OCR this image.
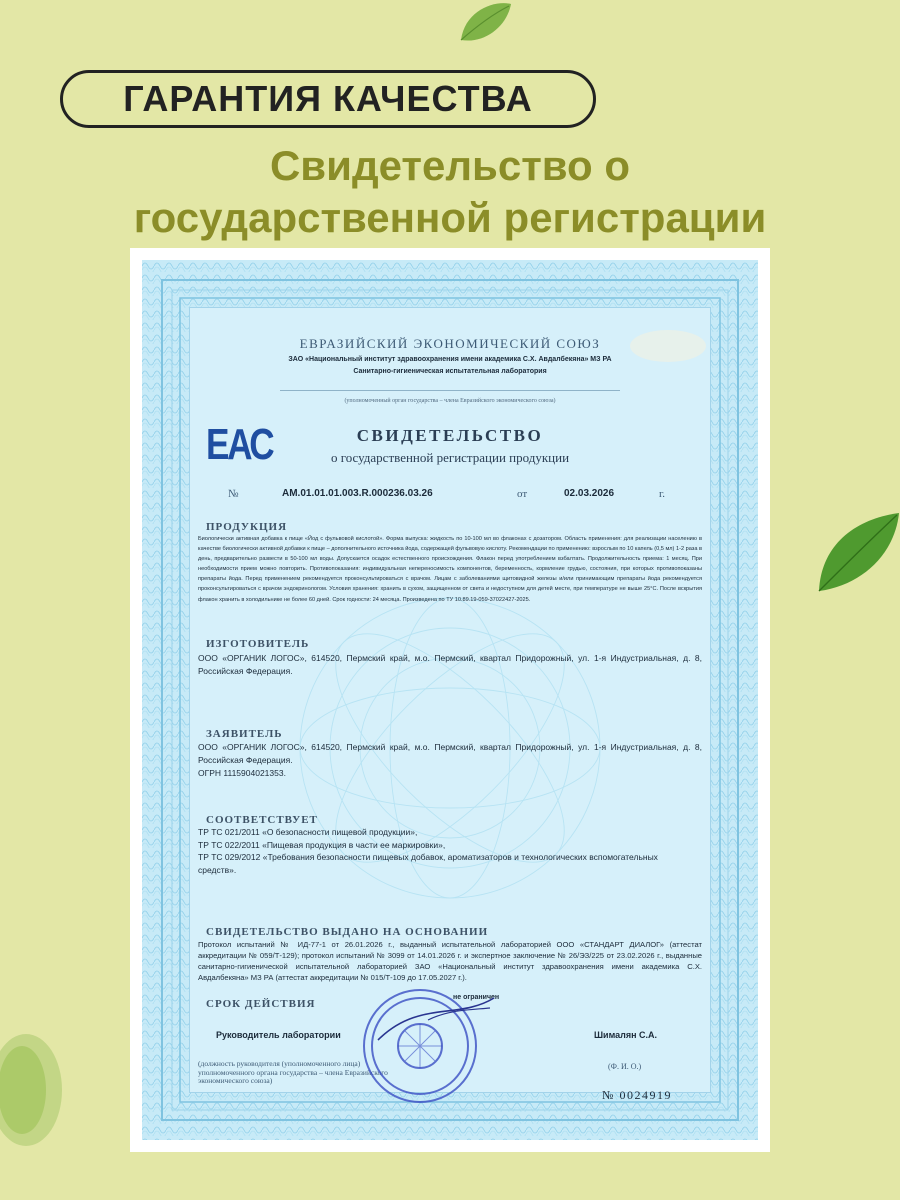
ГАРАНТИЯ КАЧЕСТВА
Свидетельство о
государственной регистрации
ЕВРАЗИЙСКИЙ ЭКОНОМИЧЕСКИЙ СОЮЗ
ЗАО «Национальный институт здравоохранения имени академика С.Х. Авдалбекяна» МЗ РА
Санитарно-гигиеническая испытательная лаборатория
(уполномоченный орган государства – члена Евразийского экономического союза)
ЕАС	СВИДЕТЕЛЬСТВО
о государственной регистрации продукции
№	AM.01.01.01.003.R.000236.03.26	от	02.03.2026	г.
ПРОДУКЦИЯ
Биологически активная добавка к пище «Йод с фульвовой кислотой». Форма выпуска: жидкость по 10-100 мл во флаконах с дозатором. Область применения: для реализации населению в качестве биологически активной добавки к пище – дополнительного источника йода, содержащей фульвовую кислоту. Рекомендации по применению: взрослым по 10 капель (0,5 мл) 1-2 раза в день, предварительно развести в 50-100 мл воды. Допускается осадок естественного происхождения. Флакон перед употреблением взбалтать. Продолжительность приема: 1 месяц. При необходимости прием можно повторить. Противопоказания: индивидуальная непереносимость компонентов, беременность, кормление грудью, состояния, при которых противопоказаны препараты йода. Перед применением рекомендуется проконсультироваться с врачом. Лицам с заболеваниями щитовидной железы и/или принимающим препараты йода рекомендуется проконсультироваться с врачом эндокринологом. Условия хранения: хранить в сухом, защищенном от света и недоступном для детей месте, при температуре не выше 25°С. После вскрытия флакон хранить в холодильнике не более 60 дней. Срок годности: 24 месяца. Произведена по ТУ 10.89.19-059-37022427-2025.
ИЗГОТОВИТЕЛЬ
ООО «ОРГАНИК ЛОГОС», 614520, Пермский край, м.о. Пермский, квартал Придорожный, ул. 1-я Индустриальная, д. 8, Российская Федерация.
ЗАЯВИТЕЛЬ
ООО «ОРГАНИК ЛОГОС», 614520, Пермский край, м.о. Пермский, квартал Придорожный, ул. 1-я Индустриальная, д. 8, Российская Федерация.
ОГРН 1115904021353.
СООТВЕТСТВУЕТ
ТР ТС 021/2011 «О безопасности пищевой продукции»,
ТР ТС 022/2011 «Пищевая продукция в части ее маркировки»,
ТР ТС 029/2012 «Требования безопасности пищевых добавок, ароматизаторов и технологических вспомогательных средств».
СВИДЕТЕЛЬСТВО ВЫДАНО НА ОСНОВАНИИ
Протокол испытаний № ИД-77-1 от 26.01.2026 г., выданный испытательной лабораторией ООО «СТАНДАРТ ДИАЛОГ» (аттестат аккредитации № 059/Т-129); протокол испытаний № 3099 от 14.01.2026 г. и экспертное заключение № 26/ЭЗ/225 от 23.02.2026 г., выданные санитарно-гигиенической испытательной лабораторией ЗАО «Национальный институт здравоохранения имени академика С.Х. Авдалбекяна» МЗ РА (аттестат аккредитации № 015/Т-109 до 17.05.2027 г.).
СРОК ДЕЙСТВИЯ
не ограничен
Руководитель лаборатории	Шималян С.А.
(должность руководителя (уполномоченного лица) уполномоченного органа государства – члена Евразийского экономического союза)
(Ф. И. О.)
№ 0024919
